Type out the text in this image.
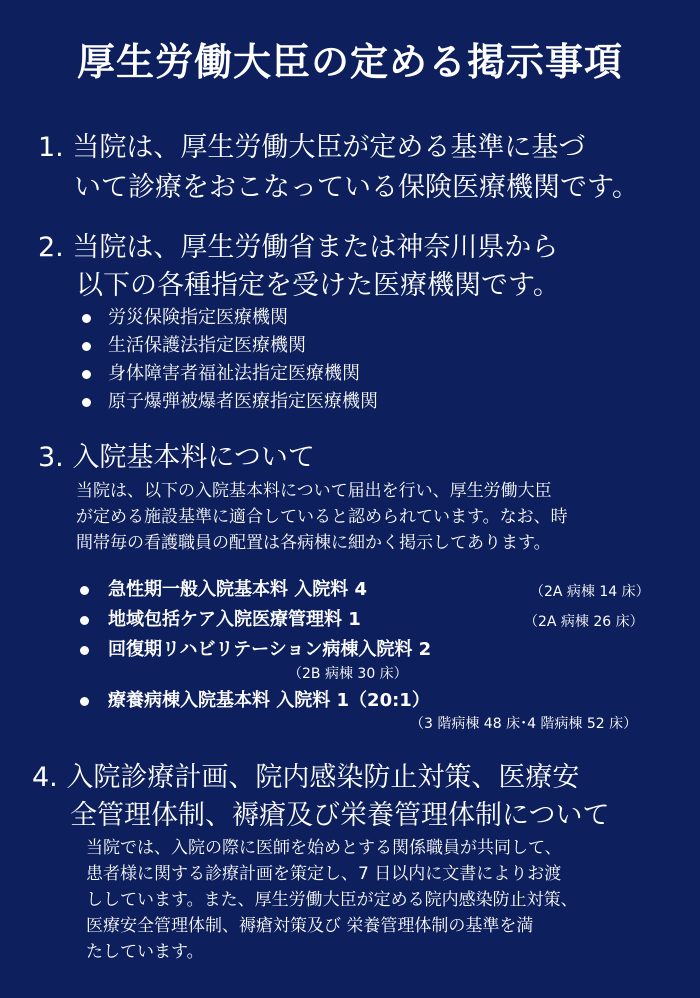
厚生労働大臣の定める掲示事項
1. 当院は、厚生労働大臣が定める基準に基づ
いて診療をおこなっている保険医療機関です。
2. 当院は、厚生労働省または神奈川県から
以下の各種指定を受けた医療機関です。
労災保険指定医療機関
生活保護法指定医療機関
身体障害者福祉法指定医療機関
原子爆弾被爆者医療指定医療機関
3. 入院基本料について
当院は、以下の入院基本料について届出を行い、厚生労働大臣
が定める施設基準に適合していると認められています。なお、時
間帯毎の看護職員の配置は各病棟に細かく掲示してあります。
急性期一般入院基本料 入院料 4	（2A 病棟 14 床）
地域包括ケア入院医療管理料 1	（2A 病棟 26 床）
回復期リハビリテーション病棟入院料 2
（2B 病棟 30 床）
療養病棟入院基本料 入院料 1（20:1）
（3 階病棟 48 床･4 階病棟 52 床）
4. 入院診療計画、院内感染防止対策、医療安
全管理体制、褥瘡及び栄養管理体制について
当院では、入院の際に医師を始めとする関係職員が共同して、
患者様に関する診療計画を策定し、7 日以内に文書によりお渡
ししています。また、厚生労働大臣が定める院内感染防止対策、
医療安全管理体制、褥瘡対策及び 栄養管理体制の基準を満
たしています。
